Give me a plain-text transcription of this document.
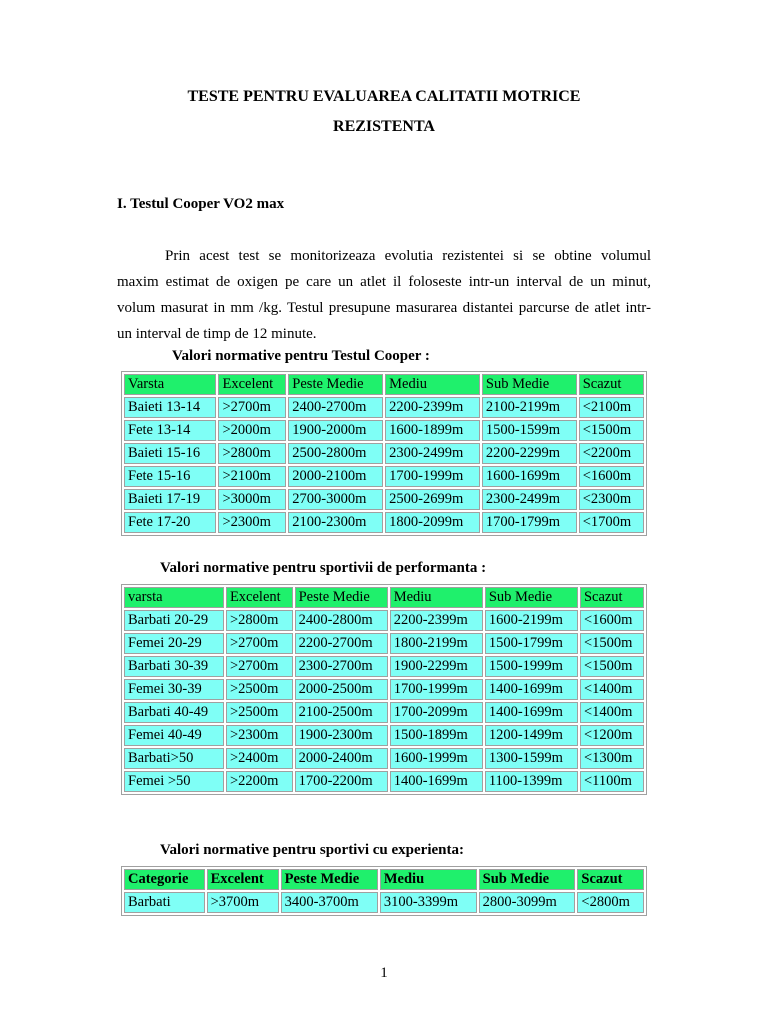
TESTE PENTRU EVALUAREA CALITATII MOTRICE
REZISTENTA
I. Testul Cooper VO2 max
Prin acest test se monitorizeaza evolutia rezistentei si se obtine volumul
maxim estimat de oxigen pe care un atlet il foloseste intr-un interval de un minut,
volum masurat in mm /kg. Testul presupune masurarea distantei parcurse de atlet intr-
un interval de timp de 12 minute.
Valori normative pentru Testul Cooper :
Varsta	Excelent	Peste Medie	Mediu	Sub Medie	Scazut
Baieti 13-14	>2700m	2400-2700m	2200-2399m	2100-2199m	<2100m
Fete 13-14	>2000m	1900-2000m	1600-1899m	1500-1599m	<1500m
Baieti 15-16	>2800m	2500-2800m	2300-2499m	2200-2299m	<2200m
Fete 15-16	>2100m	2000-2100m	1700-1999m	1600-1699m	<1600m
Baieti 17-19	>3000m	2700-3000m	2500-2699m	2300-2499m	<2300m
Fete 17-20	>2300m	2100-2300m	1800-2099m	1700-1799m	<1700m
Valori normative pentru sportivii de performanta :
varsta	Excelent	Peste Medie	Mediu	Sub Medie	Scazut
Barbati 20-29	>2800m	2400-2800m	2200-2399m	1600-2199m	<1600m
Femei 20-29	>2700m	2200-2700m	1800-2199m	1500-1799m	<1500m
Barbati 30-39	>2700m	2300-2700m	1900-2299m	1500-1999m	<1500m
Femei 30-39	>2500m	2000-2500m	1700-1999m	1400-1699m	<1400m
Barbati 40-49	>2500m	2100-2500m	1700-2099m	1400-1699m	<1400m
Femei 40-49	>2300m	1900-2300m	1500-1899m	1200-1499m	<1200m
Barbati>50	>2400m	2000-2400m	1600-1999m	1300-1599m	<1300m
Femei >50	>2200m	1700-2200m	1400-1699m	1100-1399m	<1100m
Valori normative pentru sportivi cu experienta:
Categorie	Excelent	Peste Medie	Mediu	Sub Medie	Scazut
Barbati	>3700m	3400-3700m	3100-3399m	2800-3099m	<2800m
1
